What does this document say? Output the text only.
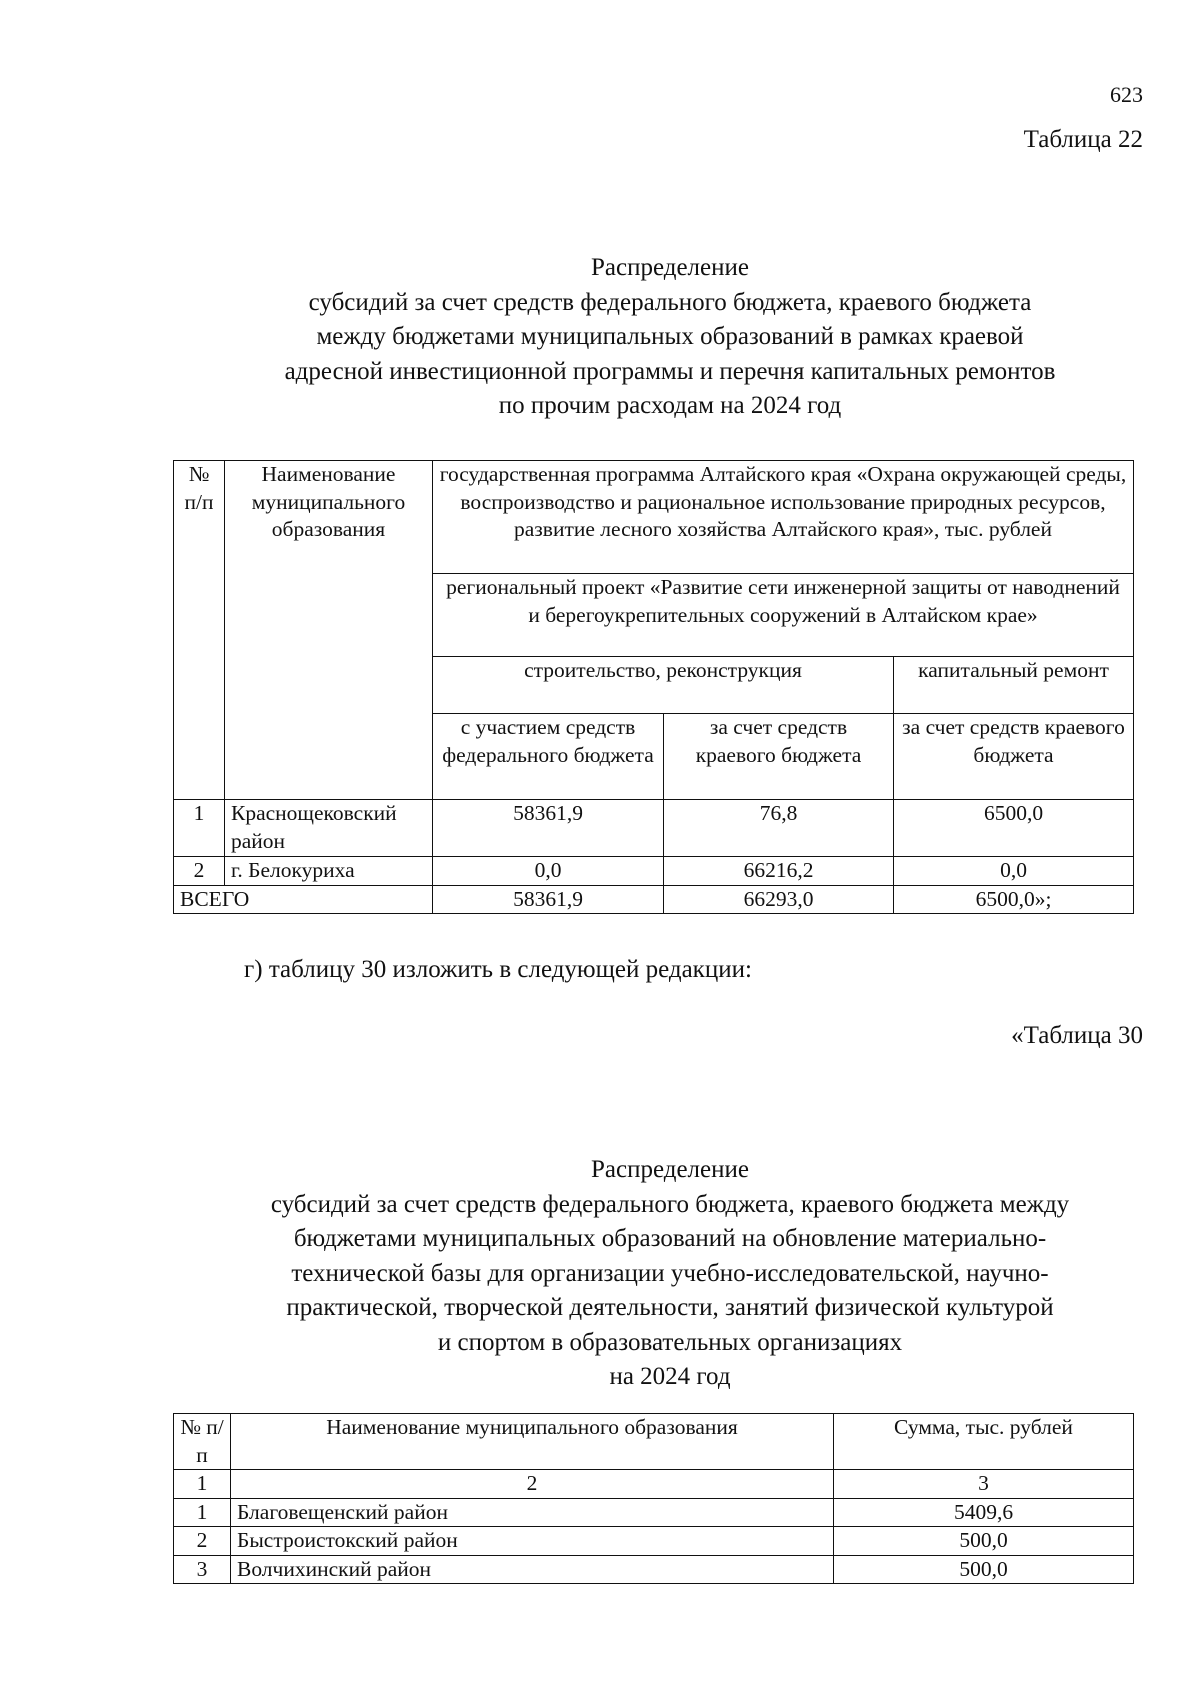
623
Таблица 22
Распределение
субсидий за счет средств федерального бюджета, краевого бюджета
между бюджетами муниципальных образований в рамках краевой
адресной инвестиционной программы и перечня капитальных ремонтов
по прочим расходам на 2024 год
№ п/п	Наименование муниципального образования	государственная программа Алтайского края «Охрана окружающей среды, воспроизводство и рациональное использование природных ресурсов, развитие лесного хозяйства Алтайского края», тыс. рублей		
		региональный проект «Развитие сети инженерной защиты от наводнений и берегоукрепительных сооружений в Алтайском крае»		
		строительство, реконструкция		капитальный ремонт
		с участием средств федерального бюджета	за счет средств краевого бюджета	за счет средств краевого бюджета

1	Краснощековский район	58361,9	76,8	6500,0
2	г. Белокуриха	0,0	66216,2	0,0
ВСЕГО		58361,9	66293,0	6500,0»;
г) таблицу 30 изложить в следующей редакции:
«Таблица 30
Распределение
субсидий за счет средств федерального бюджета, краевого бюджета между
бюджетами муниципальных образований на обновление материально-
технической базы для организации учебно-исследовательской, научно-
практической, творческой деятельности, занятий физической культурой
и спортом в образовательных организациях
на 2024 год
№ п/п	Наименование муниципального образования	Сумма, тыс. рублей
1	2	3
1	Благовещенский район	5409,6
2	Быстроистокский район	500,0
3	Волчихинский район	500,0
